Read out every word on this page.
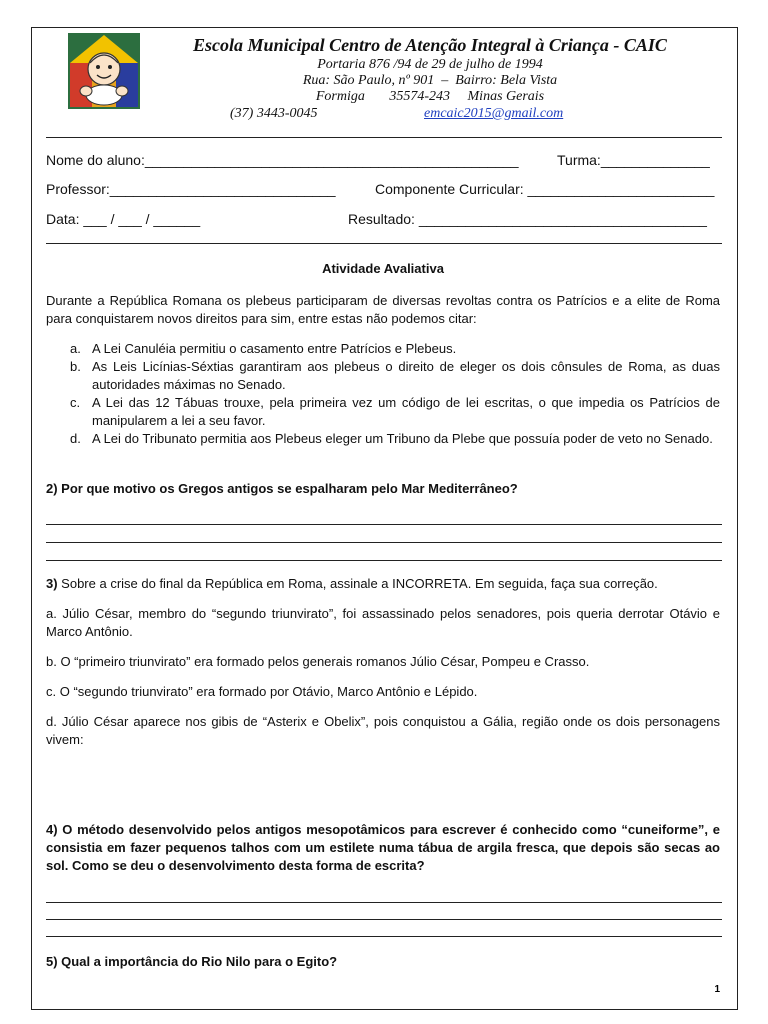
Escola Municipal Centro de Atenção Integral à Criança - CAIC
Portaria 876 /94 de 29 de julho de 1994
Rua: São Paulo, nº 901  –  Bairro: Bela Vista
Formiga       35574-243     Minas Gerais
(37) 3443-0045	emcaic2015@gmail.com
Nome do aluno:________________________________________________	Turma:______________
Professor:_____________________________	Componente Curricular: ________________________
Data: ___ / ___ / ______	Resultado: _____________________________________
Atividade Avaliativa
Durante a República Romana os plebeus participaram de diversas revoltas contra os Patrícios e a elite de Roma para conquistarem novos direitos para sim, entre estas não podemos citar:
a. A Lei Canuléia permitiu o casamento entre Patrícios e Plebeus.
b. As Leis Licínias-Séxtias garantiram aos plebeus o direito de eleger os dois cônsules de Roma, as duas autoridades máximas no Senado.
c. A Lei das 12 Tábuas trouxe, pela primeira vez um código de lei escritas, o que impedia os Patrícios de manipularem a lei a seu favor.
d. A Lei do Tribunato permitia aos Plebeus eleger um Tribuno da Plebe que possuía poder de veto no Senado.
2) Por que motivo os Gregos antigos se espalharam pelo Mar Mediterrâneo?
3) Sobre a crise do final da República em Roma, assinale a INCORRETA. Em seguida, faça sua correção.
a. Júlio César, membro do “segundo triunvirato”, foi assassinado pelos senadores, pois queria derrotar Otávio e Marco Antônio.
b. O “primeiro triunvirato” era formado pelos generais romanos Júlio César, Pompeu e Crasso.
c. O “segundo triunvirato” era formado por Otávio, Marco Antônio e Lépido.
d. Júlio César aparece nos gibis de “Asterix e Obelix”, pois conquistou a Gália, região onde os dois personagens vivem:
4) O método desenvolvido pelos antigos mesopotâmicos para escrever é conhecido como “cuneiforme”, e consistia em fazer pequenos talhos com um estilete numa tábua de argila fresca, que depois são secas ao sol. Como se deu o desenvolvimento desta forma de escrita?
5) Qual a importância do Rio Nilo para o Egito?
1
